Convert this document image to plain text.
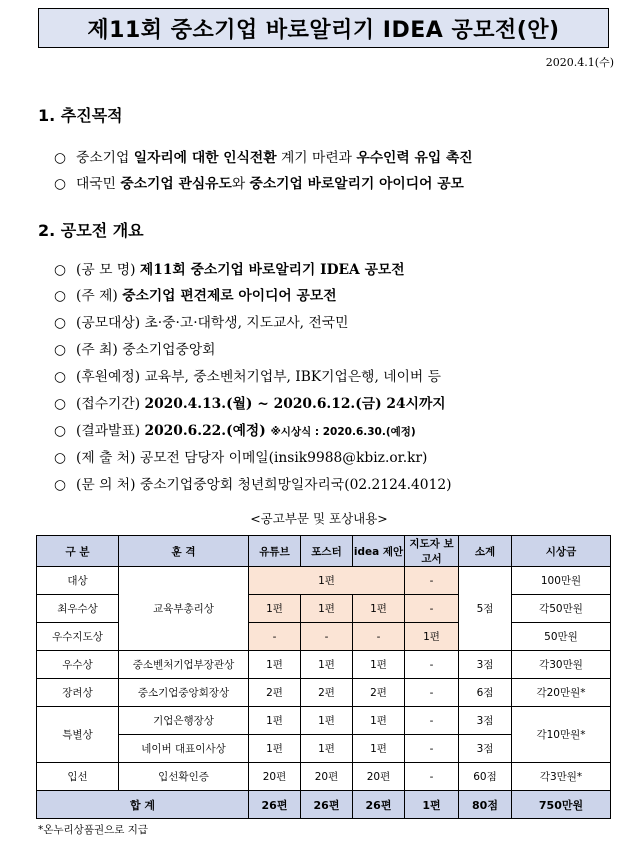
제11회 중소기업 바로알리기 IDEA 공모전(안)
2020.4.1(수)
1. 추진목적
○ 중소기업 일자리에 대한 인식전환 계기 마련과 우수인력 유입 촉진
○ 대국민 중소기업 관심유도와 중소기업 바로알리기 아이디어 공모
2. 공모전 개요
○ (공 모 명) 제11회 중소기업 바로알리기 IDEA 공모전
○ (주 제) 중소기업 편견제로 아이디어 공모전
○ (공모대상) 초·중·고·대학생, 지도교사, 전국민
○ (주 최) 중소기업중앙회
○ (후원예정) 교육부, 중소벤처기업부, IBK기업은행, 네이버 등
○ (접수기간) 2020.4.13.(월) ~ 2020.6.12.(금) 24시까지
○ (결과발표) 2020.6.22.(예정) ※시상식 : 2020.6.30.(예정)
○ (제 출 처) 공모전 담당자 이메일(insik9988@kbiz.or.kr)
○ (문 의 처) 중소기업중앙회 청년희망일자리국(02.2124.4012)
<공고부문 및 포상내용>
구 분	훈 격	유튜브	포스터	idea 제안	지도자 보고서	소계	시상금
대상	교육부총리상	1편			-	5점	100만원
최우수상		1편	1편	1편	-		각50만원
우수지도상		-	-	-	1편		50만원
우수상	중소벤처기업부장관상	1편	1편	1편	-	3점	각30만원
장려상	중소기업중앙회장상	2편	2편	2편	-	6점	각20만원*
특별상	기업은행장상	1편	1편	1편	-	3점	각10만원*
	네이버 대표이사상	1편	1편	1편	-	3점	
입선	입선확인증	20편	20편	20편	-	60점	각3만원*
합 계		26편	26편	26편	1편	80점	750만원
*온누리상품권으로 지급
